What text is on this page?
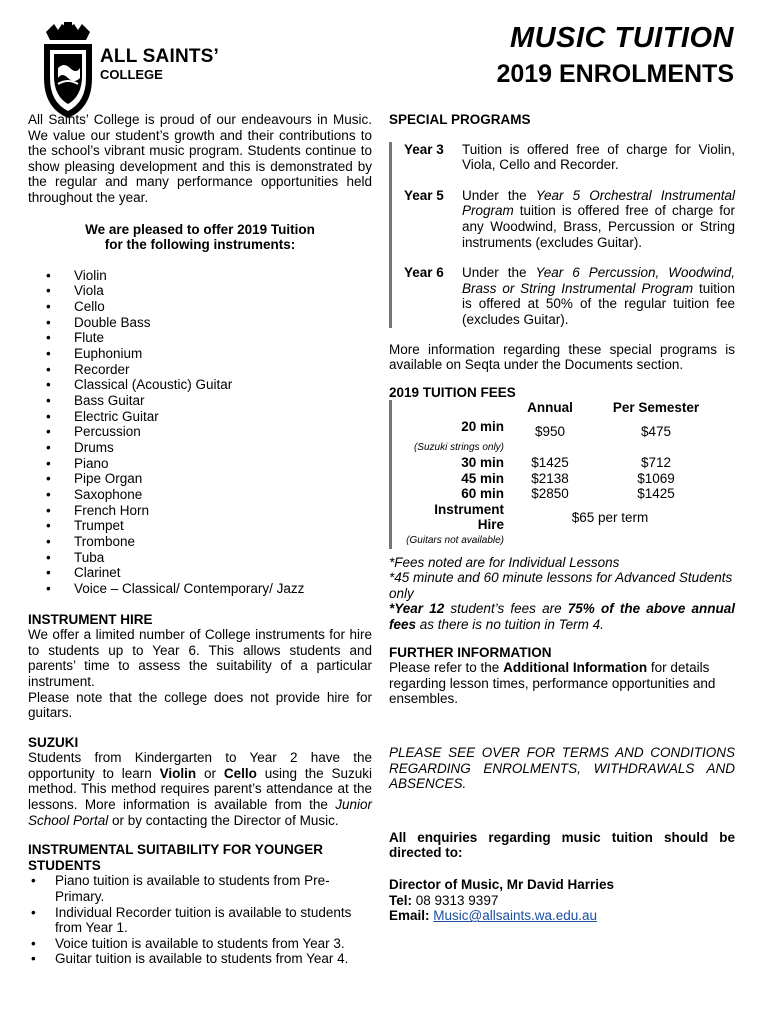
ALL SAINTS’
COLLEGE
MUSIC TUITION
2019 ENROLMENTS

All Saints’ College is proud of our endeavours in Music. We value our student’s growth and their contributions to the school’s vibrant music program. Students continue to show pleasing development and this is demonstrated by the regular and many performance opportunities held throughout the year.

We are pleased to offer 2019 Tuition

for the following instruments:

• Violin
• Viola
• Cello
• Double Bass
• Flute
• Euphonium
• Recorder
• Classical (Acoustic) Guitar
• Bass Guitar
• Electric Guitar
• Percussion
• Drums
• Piano
• Pipe Organ
• Saxophone
• French Horn
• Trumpet
• Trombone
• Tuba
• Clarinet
• Voice – Classical/ Contemporary/ Jazz

INSTRUMENT HIRE

We offer a limited number of College instruments for hire to students up to Year 6. This allows students and parents’ time to assess the suitability of a particular instrument.

Please note that the college does not provide hire for guitars.

SUZUKI

Students from Kindergarten to Year 2 have the opportunity to learn Violin or Cello using the Suzuki method. This method requires parent’s attendance at the lessons. More information is available from the Junior School Portal or by contacting the Director of Music.

INSTRUMENTAL SUITABILITY FOR YOUNGER STUDENTS

• Piano tuition is available to students from Pre-Primary.
• Individual Recorder tuition is available to students from Year 1.
• Voice tuition is available to students from Year 3.
• Guitar tuition is available to students from Year 4.

SPECIAL PROGRAMS

Year 3	Tuition is offered free of charge for Violin, Viola, Cello and Recorder.
Year 5	Under the Year 5 Orchestral Instrumental Program tuition is offered free of charge for any Woodwind, Brass, Percussion or String instruments (excludes Guitar).
Year 6	Under the Year 6 Percussion, Woodwind, Brass or String Instrumental Program tuition is offered at 50% of the regular tuition fee (excludes Guitar).

More information regarding these special programs is available on Seqta under the Documents section.

2019 TUITION FEES

	Annual	Per Semester
20 min	$950	$475
(Suzuki strings only)		
30 min	$1425	$712
45 min	$2138	$1069
60 min	$2850	$1425
Instrument	$65 per term	
Hire		
(Guitars not available)		

*Fees noted are for Individual Lessons

*45 minute and 60 minute lessons for Advanced Students only

*Year 12 student’s fees are 75% of the above annual fees as there is no tuition in Term 4.

FURTHER INFORMATION

Please refer to the Additional Information for details regarding lesson times, performance opportunities and ensembles.

PLEASE SEE OVER FOR TERMS AND CONDITIONS REGARDING ENROLMENTS, WITHDRAWALS AND ABSENCES.

All enquiries regarding music tuition should be directed to:

Director of Music, Mr David Harries

Tel: 08 9313 9397

Email: Music@allsaints.wa.edu.au
